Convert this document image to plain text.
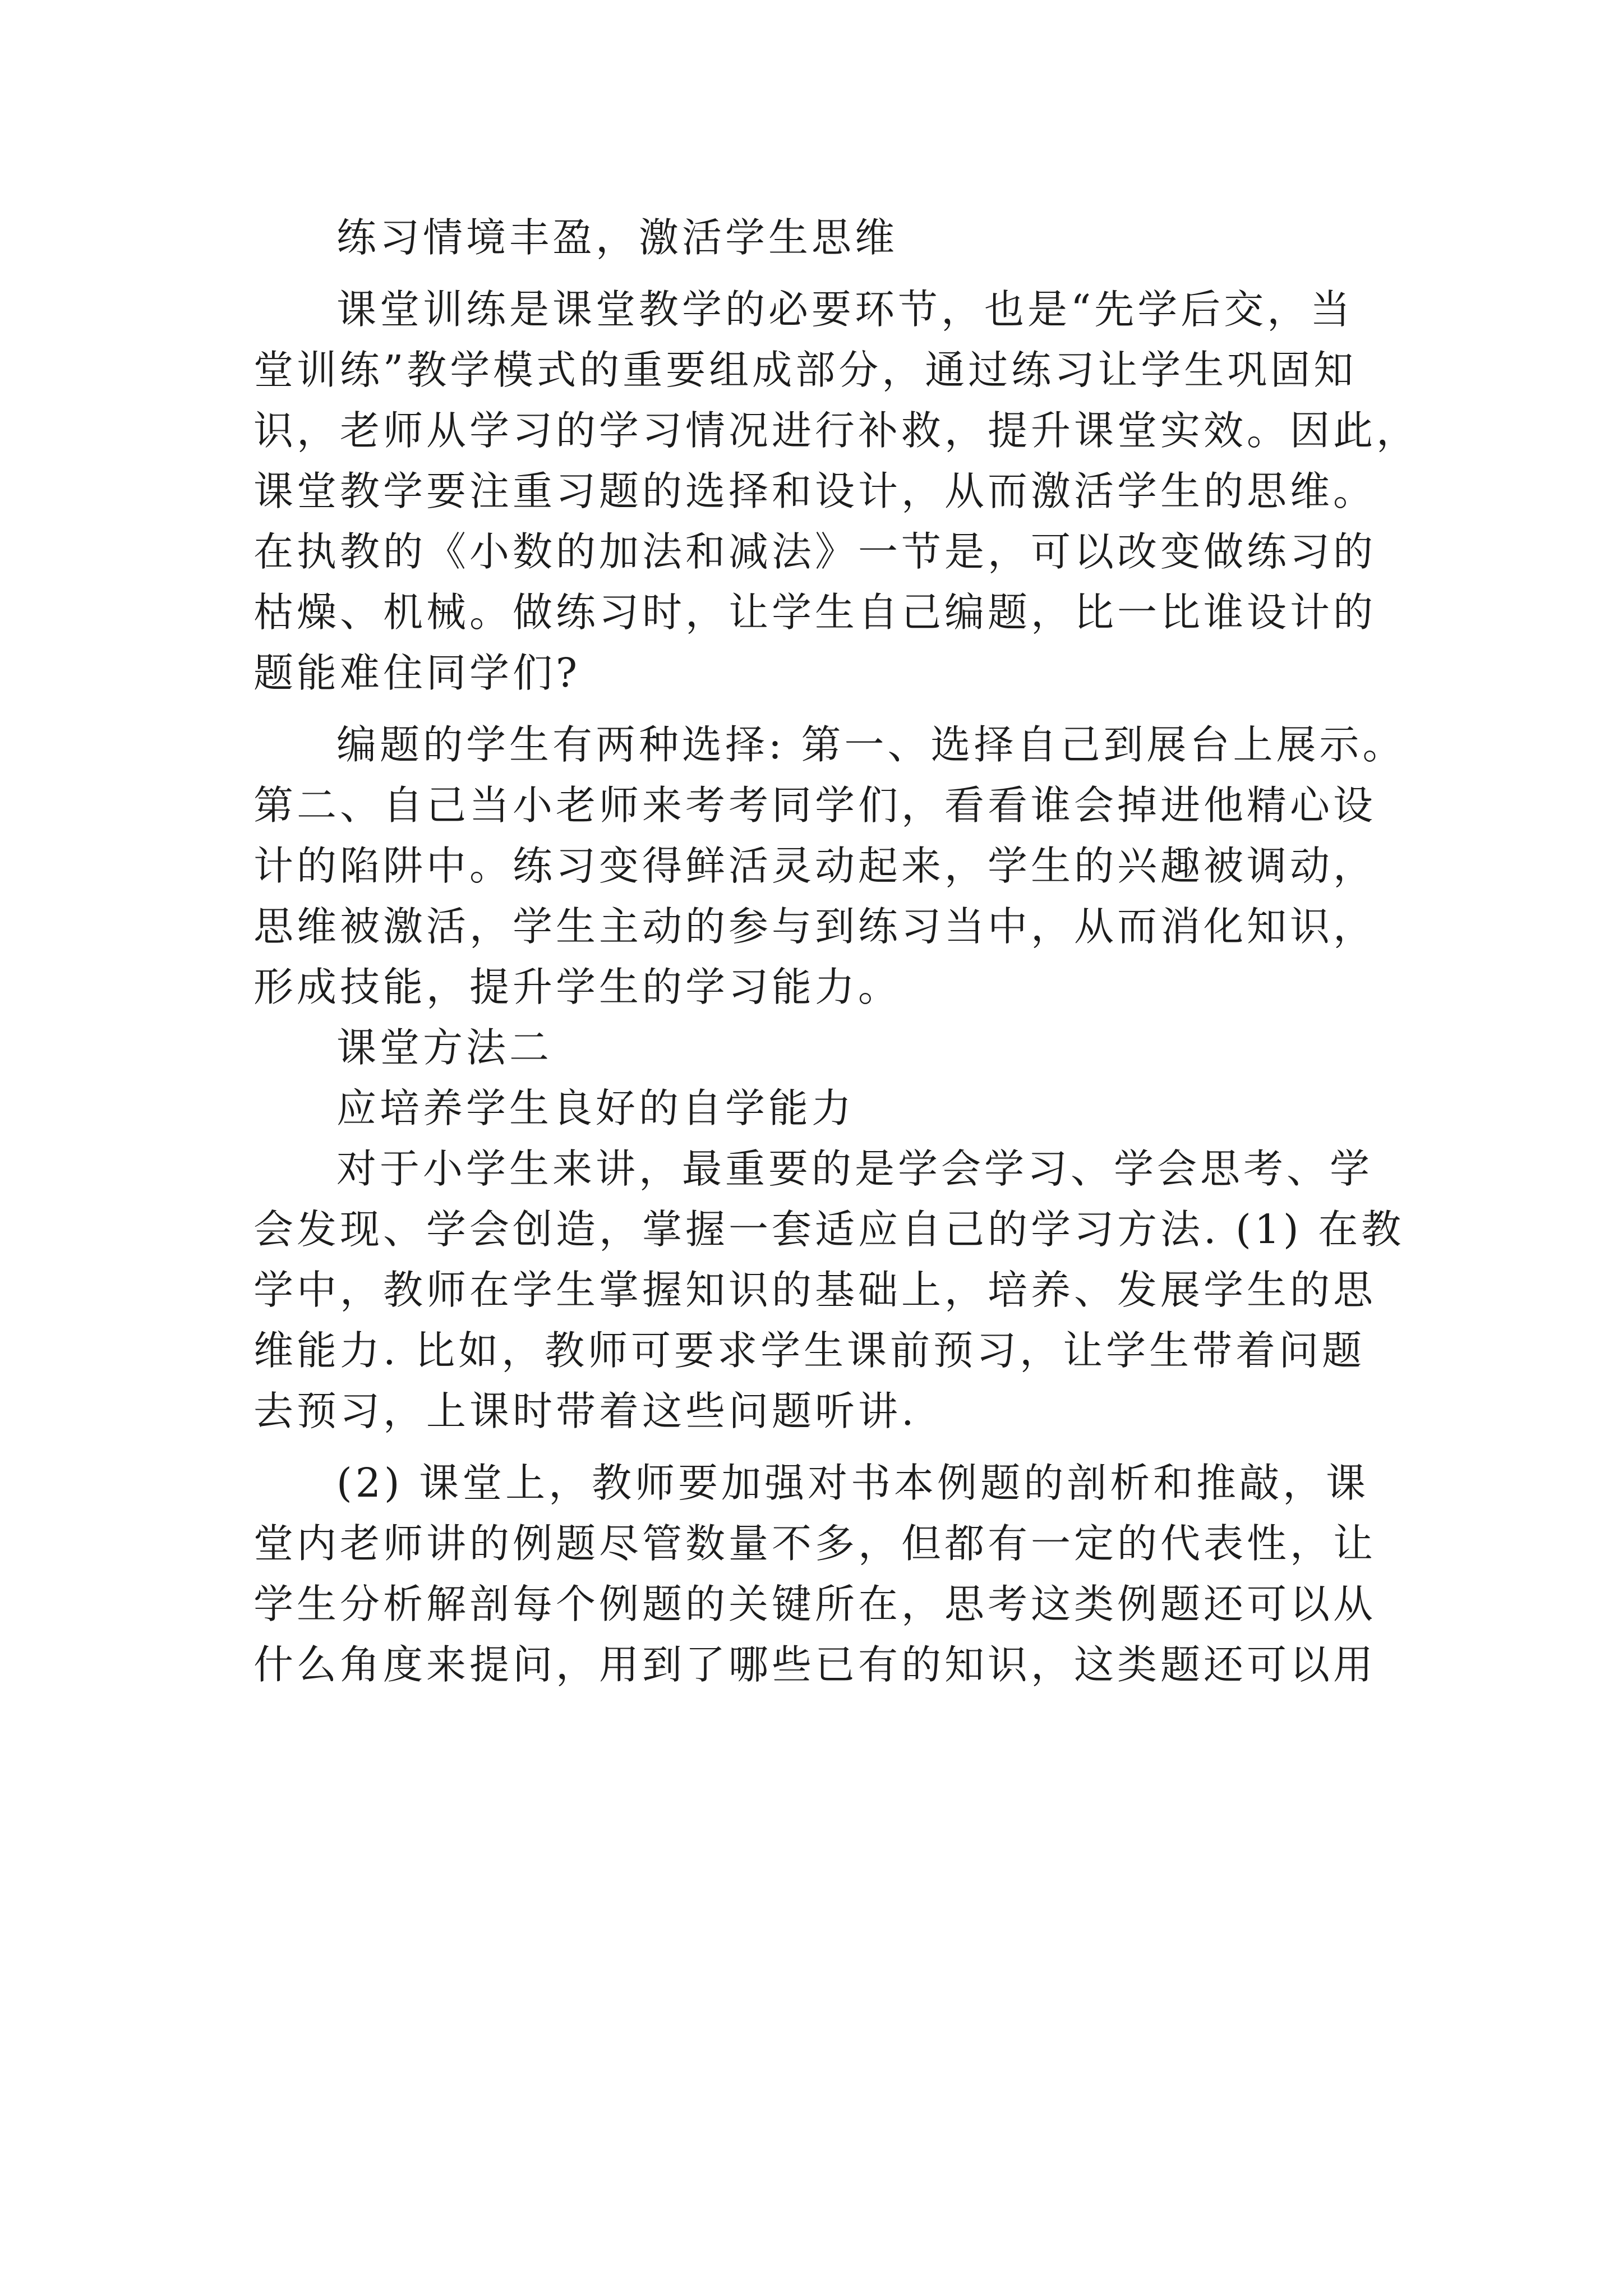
练习情境丰盈，激活学生思维
课堂训练是课堂教学的必要环节，也是“先学后交，当
堂训练”教学模式的重要组成部分，通过练习让学生巩固知
识，老师从学习的学习情况进行补救，提升课堂实效。因此，
课堂教学要注重习题的选择和设计，从而激活学生的思维。
在执教的《小数的加法和减法》一节是，可以改变做练习的
枯燥、机械。做练习时，让学生自己编题，比一比谁设计的
题能难住同学们?
编题的学生有两种选择: 第一、选择自己到展台上展示。
第二、自己当小老师来考考同学们，看看谁会掉进他精心设
计的陷阱中。练习变得鲜活灵动起来，学生的兴趣被调动，
思维被激活，学生主动的参与到练习当中，从而消化知识，
形成技能，提升学生的学习能力。
课堂方法二
应培养学生良好的自学能力
对于小学生来讲，最重要的是学会学习、学会思考、学
会发现、学会创造，掌握一套适应自己的学习方法. (1) 在教
学中，教师在学生掌握知识的基础上，培养、发展学生的思
维能力. 比如，教师可要求学生课前预习，让学生带着问题
去预习，上课时带着这些问题听讲.
(2) 课堂上，教师要加强对书本例题的剖析和推敲，课
堂内老师讲的例题尽管数量不多，但都有一定的代表性，让
学生分析解剖每个例题的关键所在，思考这类例题还可以从
什么角度来提问，用到了哪些已有的知识，这类题还可以用
